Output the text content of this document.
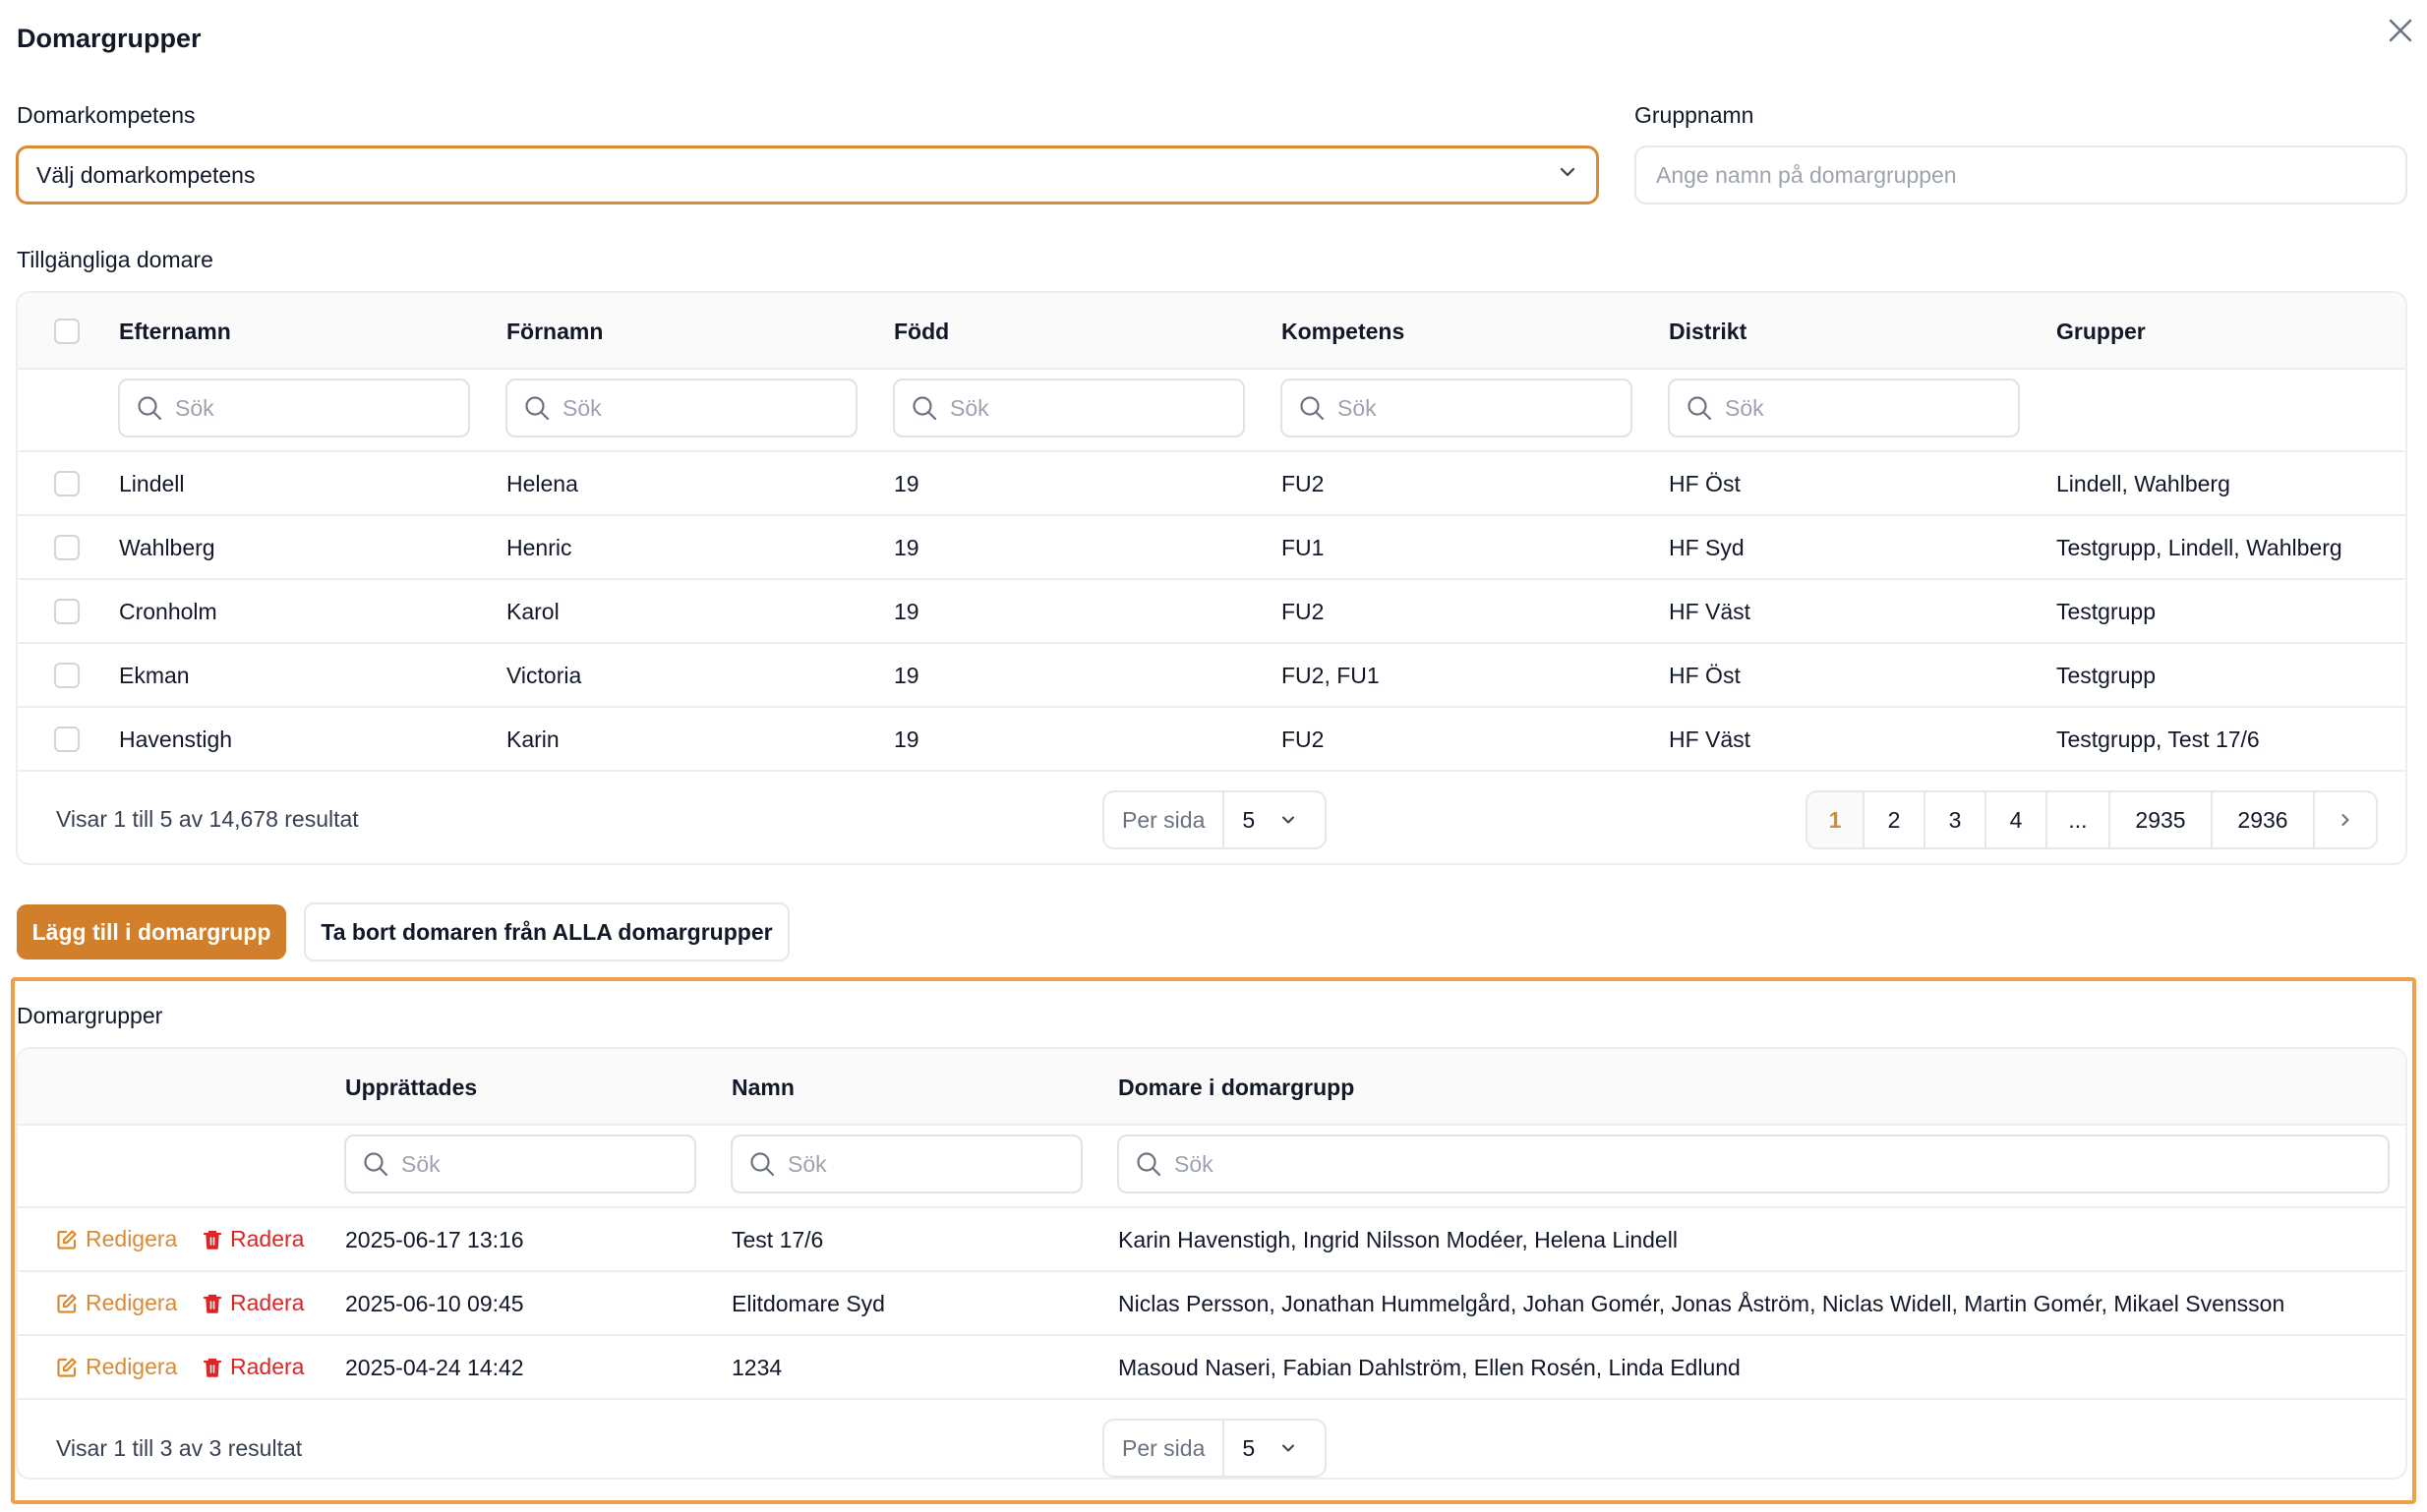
Domargrupper
Domarkompetens
Välj domarkompetens
Gruppnamn
Ange namn på domargruppen
Tillgängliga domare
Efternamn	Förnamn	Född	Kompetens	Distrikt	Grupper
Sök	Sök	Sök	Sök	Sök
Lindell	Helena	19	FU2	HF Öst	Lindell, Wahlberg
Wahlberg	Henric	19	FU1	HF Syd	Testgrupp, Lindell, Wahlberg
Cronholm	Karol	19	FU2	HF Väst	Testgrupp
Ekman	Victoria	19	FU2, FU1	HF Öst	Testgrupp
Havenstigh	Karin	19	FU2	HF Väst	Testgrupp, Test 17/6
Visar 1 till 5 av 14,678 resultat	Per sida	5	1	2	3	4	...	2935	2936
Lägg till i domargrupp	Ta bort domaren från ALLA domargrupper
Domargrupper
Upprättades	Namn	Domare i domargrupp
Sök	Sök	Sök
Redigera Radera 2025-06-17 13:16	Test 17/6	Karin Havenstigh, Ingrid Nilsson Modéer, Helena Lindell
Redigera Radera 2025-06-10 09:45	Elitdomare Syd	Niclas Persson, Jonathan Hummelgård, Johan Gomér, Jonas Åström, Niclas Widell, Martin Gomér, Mikael Svensson
Redigera Radera 2025-04-24 14:42	1234	Masoud Naseri, Fabian Dahlström, Ellen Rosén, Linda Edlund
Visar 1 till 3 av 3 resultat	Per sida	5
